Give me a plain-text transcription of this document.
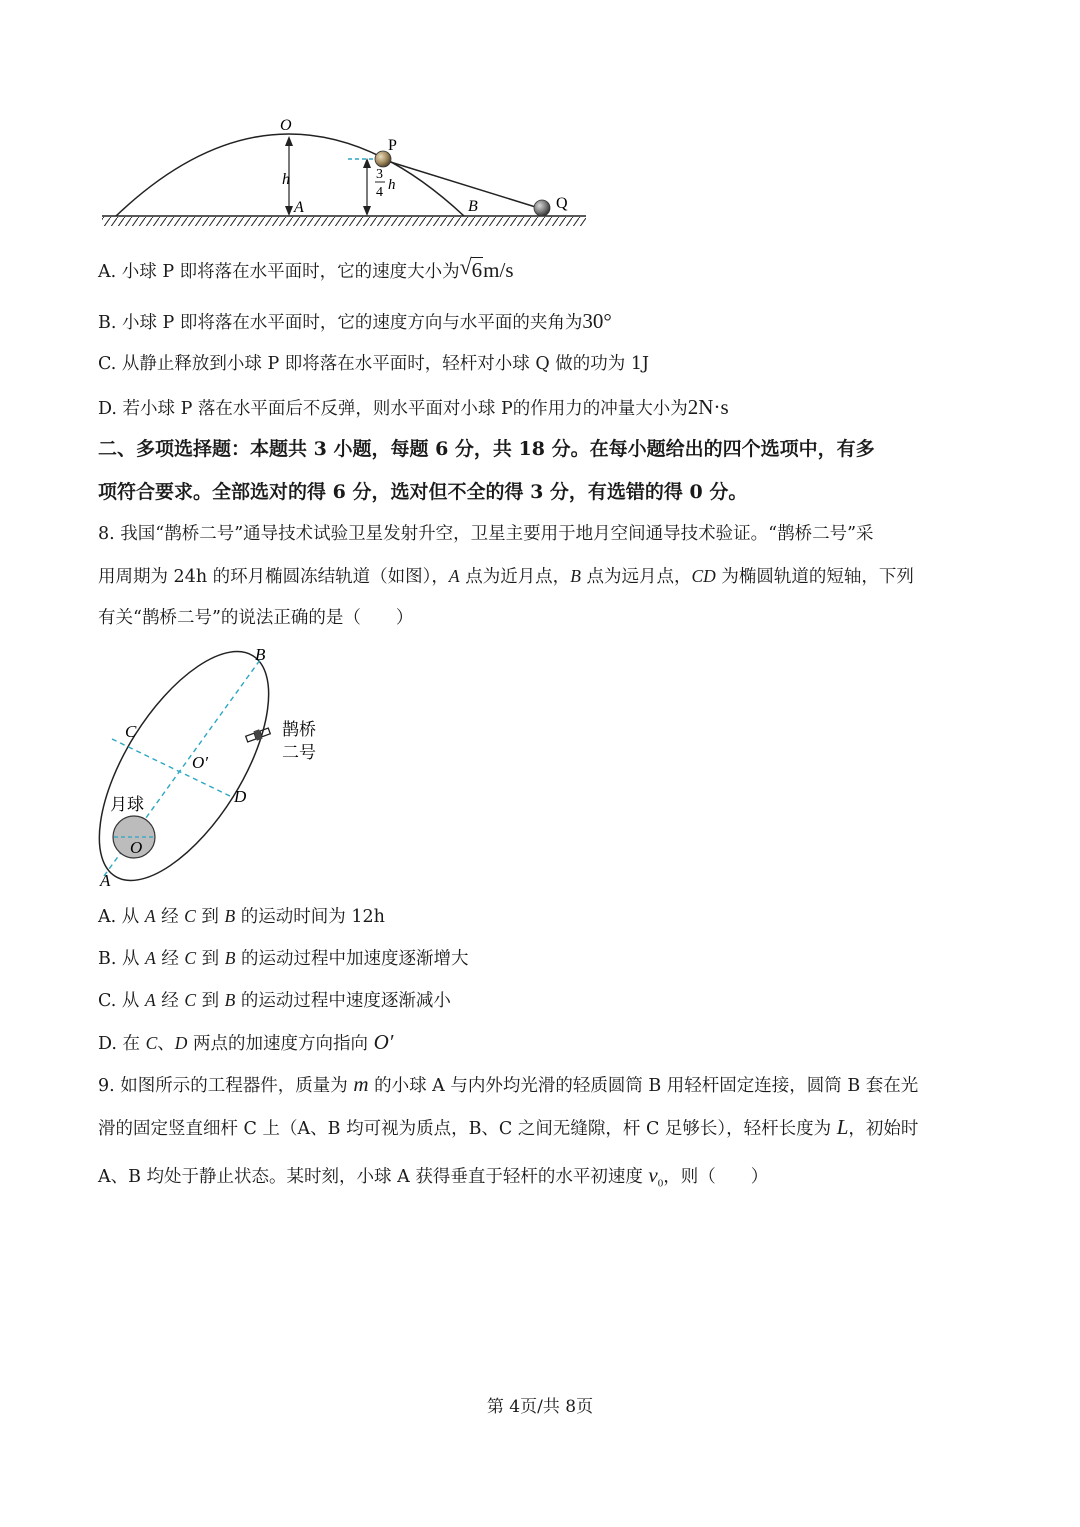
O
P
h
A
3
4 h
B	Q
A. 小球 P 即将落在水平面时，它的速度大小为 √ 6m/s
B. 小球 P 即将落在水平面时，它的速度方向与水平面的夹角为30°
C. 从静止释放到小球 P 即将落在水平面时，轻杆对小球 Q 做的功为 1J
D. 若小球 P 落在水平面后不反弹，则水平面对小球 P的作用力的冲量大小为2N·s
二、多项选择题：本题共 3 小题，每题 6 分，共 18 分。在每小题给出的四个选项中，有多
项符合要求。全部选对的得 6 分，选对但不全的得 3 分，有选错的得 0 分。
8. 我国“鹊桥二号”通导技术试验卫星发射升空，卫星主要用于地月空间通导技术验证。“鹊桥二号”采
用周期为 24h 的环月椭圆冻结轨道（如图），A 点为近月点，B 点为远月点，CD 为椭圆轨道的短轴，下列
有关“鹊桥二号”的说法正确的是（　　）
B
C
O′
D
月球
O
A
鹊桥
二号
A. 从 A 经 C 到 B 的运动时间为 12h
B. 从 A 经 C 到 B 的运动过程中加速度逐渐增大
C. 从 A 经 C 到 B 的运动过程中速度逐渐减小
D. 在 C、D 两点的加速度方向指向 O′
9. 如图所示的工程器件，质量为 m 的小球 A 与内外均光滑的轻质圆筒 B 用轻杆固定连接，圆筒 B 套在光
滑的固定竖直细杆 C 上（A、B 均可视为质点，B、C 之间无缝隙，杆 C 足够长），轻杆长度为 L，初始时
A、B 均处于静止状态。某时刻，小球 A 获得垂直于轻杆的水平初速度 $v_0$，则（　　）
第 4页/共 8页
